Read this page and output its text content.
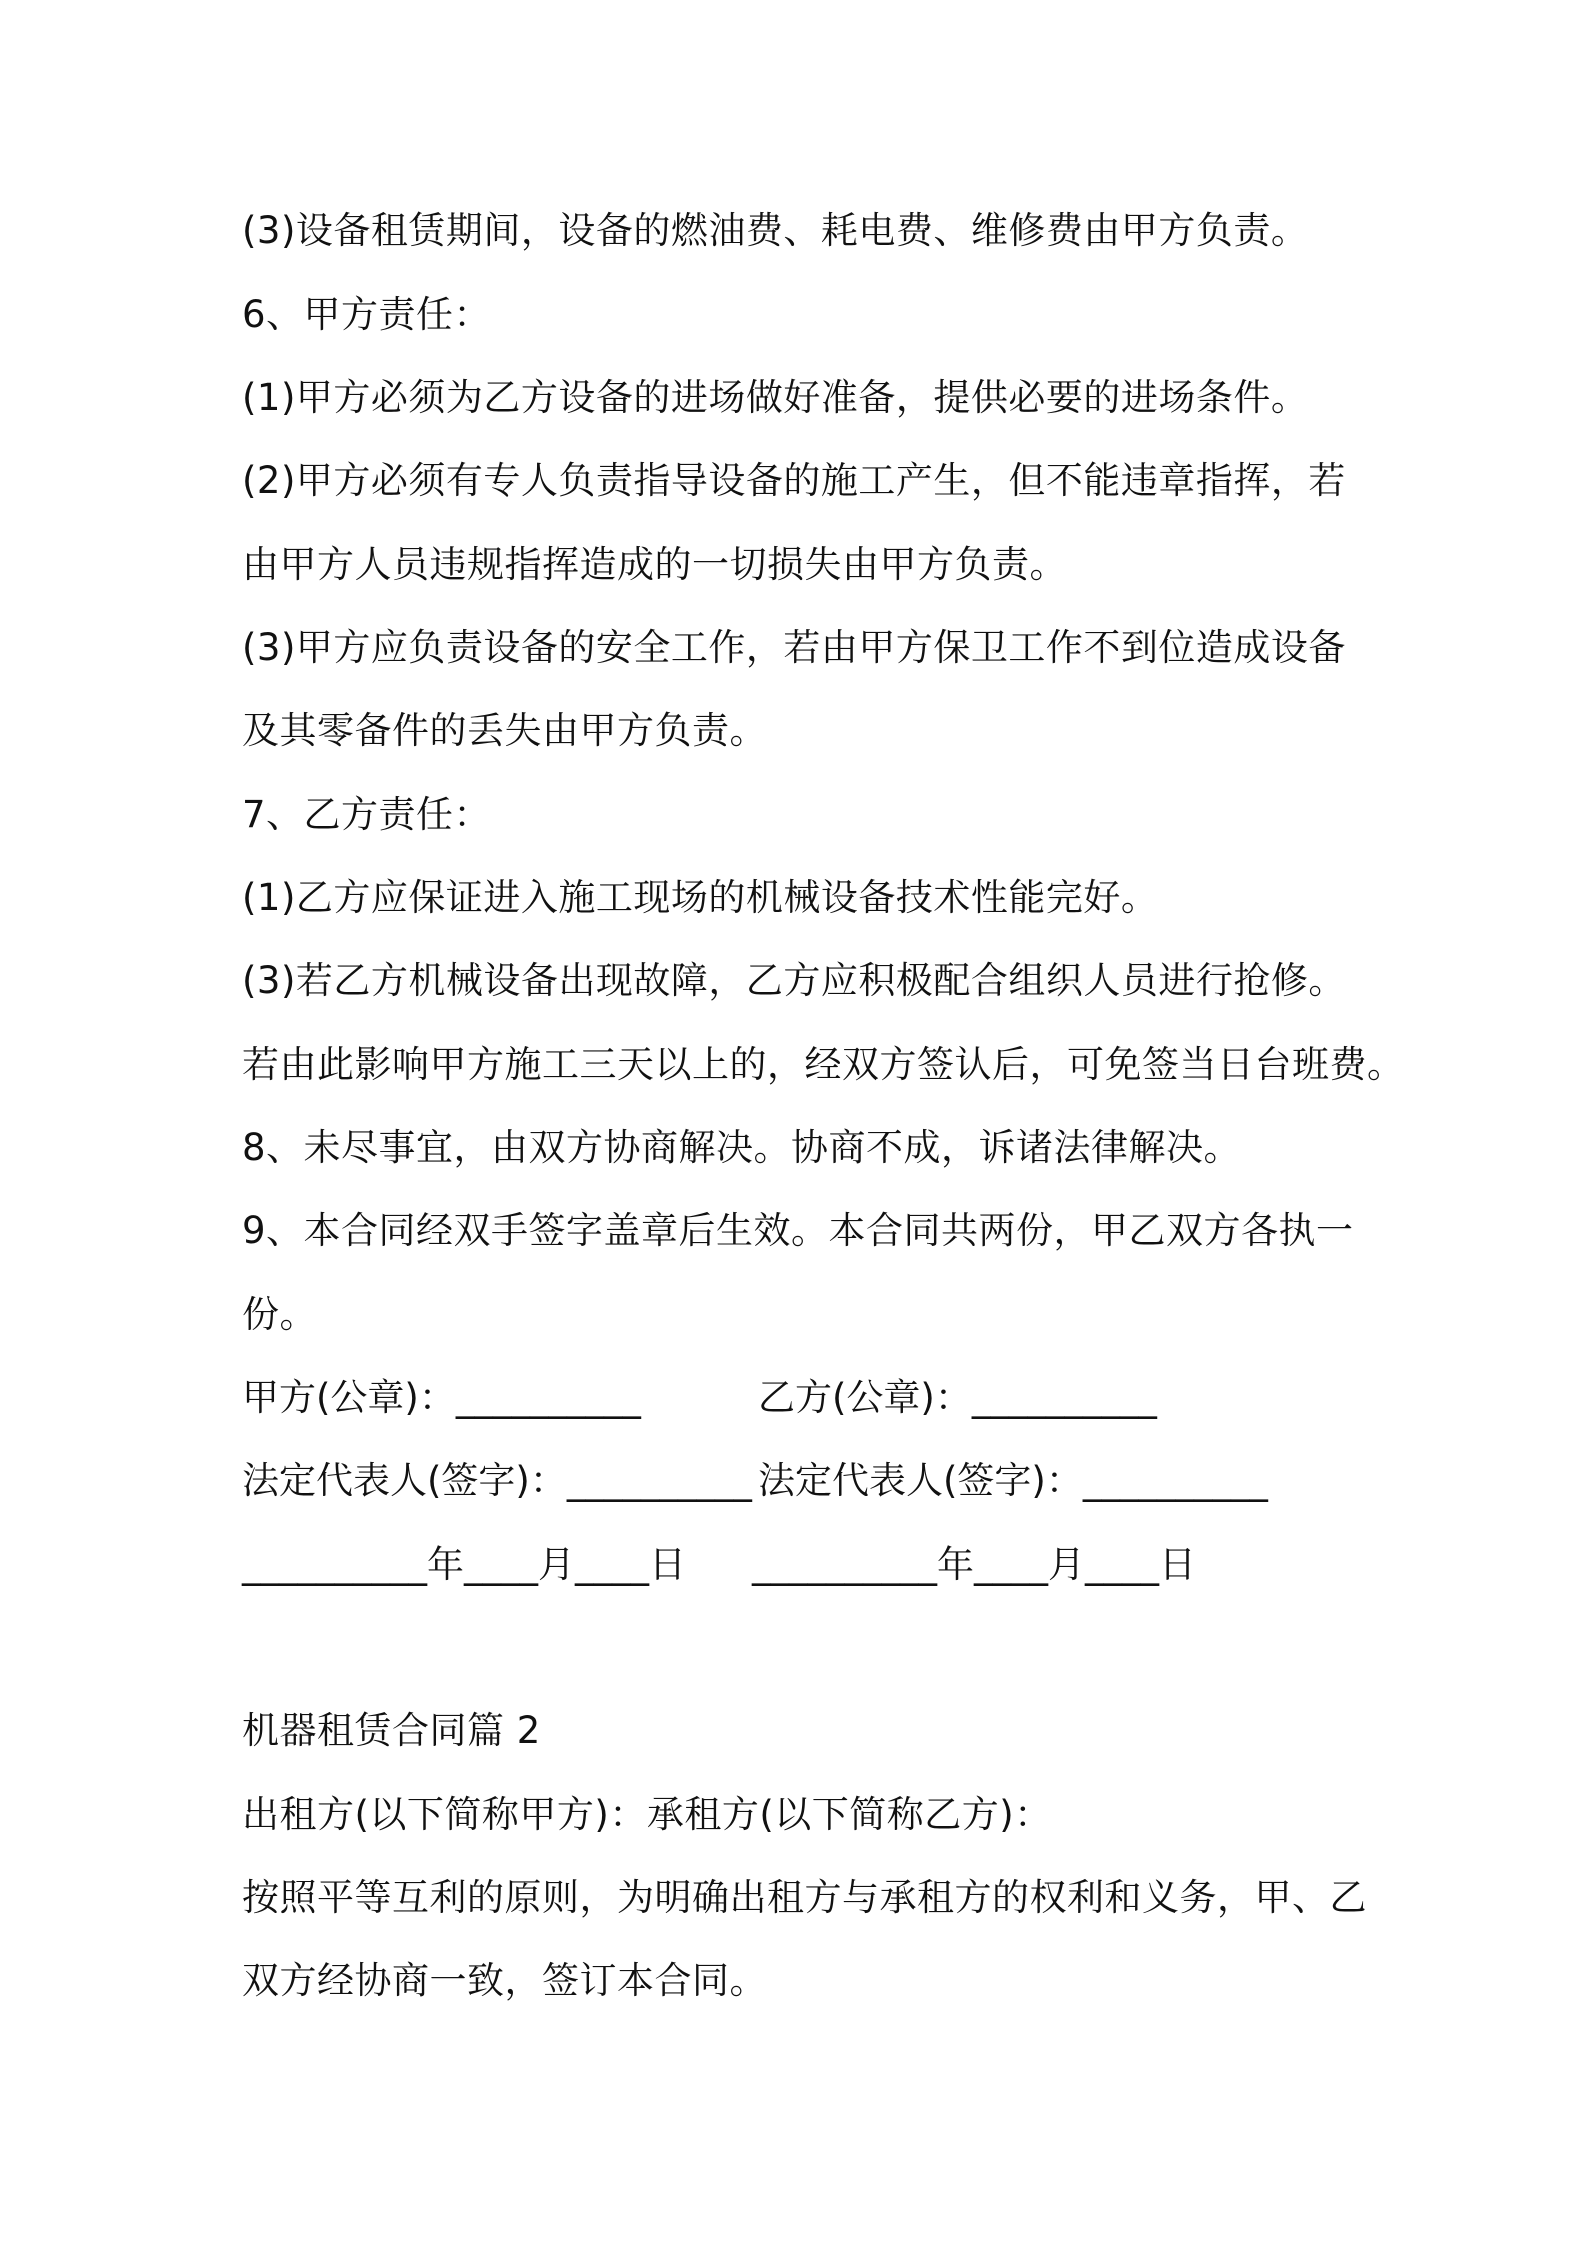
(3)设备租赁期间，设备的燃油费、耗电费、维修费由甲方负责。
6、甲方责任：
(1)甲方必须为乙方设备的进场做好准备，提供必要的进场条件。
(2)甲方必须有专人负责指导设备的施工产生，但不能违章指挥，若
由甲方人员违规指挥造成的一切损失由甲方负责。
(3)甲方应负责设备的安全工作，若由甲方保卫工作不到位造成设备
及其零备件的丢失由甲方负责。
7、乙方责任：
(1)乙方应保证进入施工现场的机械设备技术性能完好。
(3)若乙方机械设备出现故障，乙方应积极配合组织人员进行抢修。
若由此影响甲方施工三天以上的，经双方签认后，可免签当日台班费。
8、未尽事宜，由双方协商解决。协商不成，诉诸法律解决。
9、本合同经双手签字盖章后生效。本合同共两份，甲乙双方各执一
份。
甲方(公章)：__________	乙方(公章)：__________
法定代表人(签字)：__________ 法定代表人(签字)：__________
__________年____月____日 __________年____月____日
机器租赁合同篇 2
出租方(以下简称甲方)：承租方(以下简称乙方)：
按照平等互利的原则，为明确出租方与承租方的权利和义务，甲、乙
双方经协商一致，签订本合同。
